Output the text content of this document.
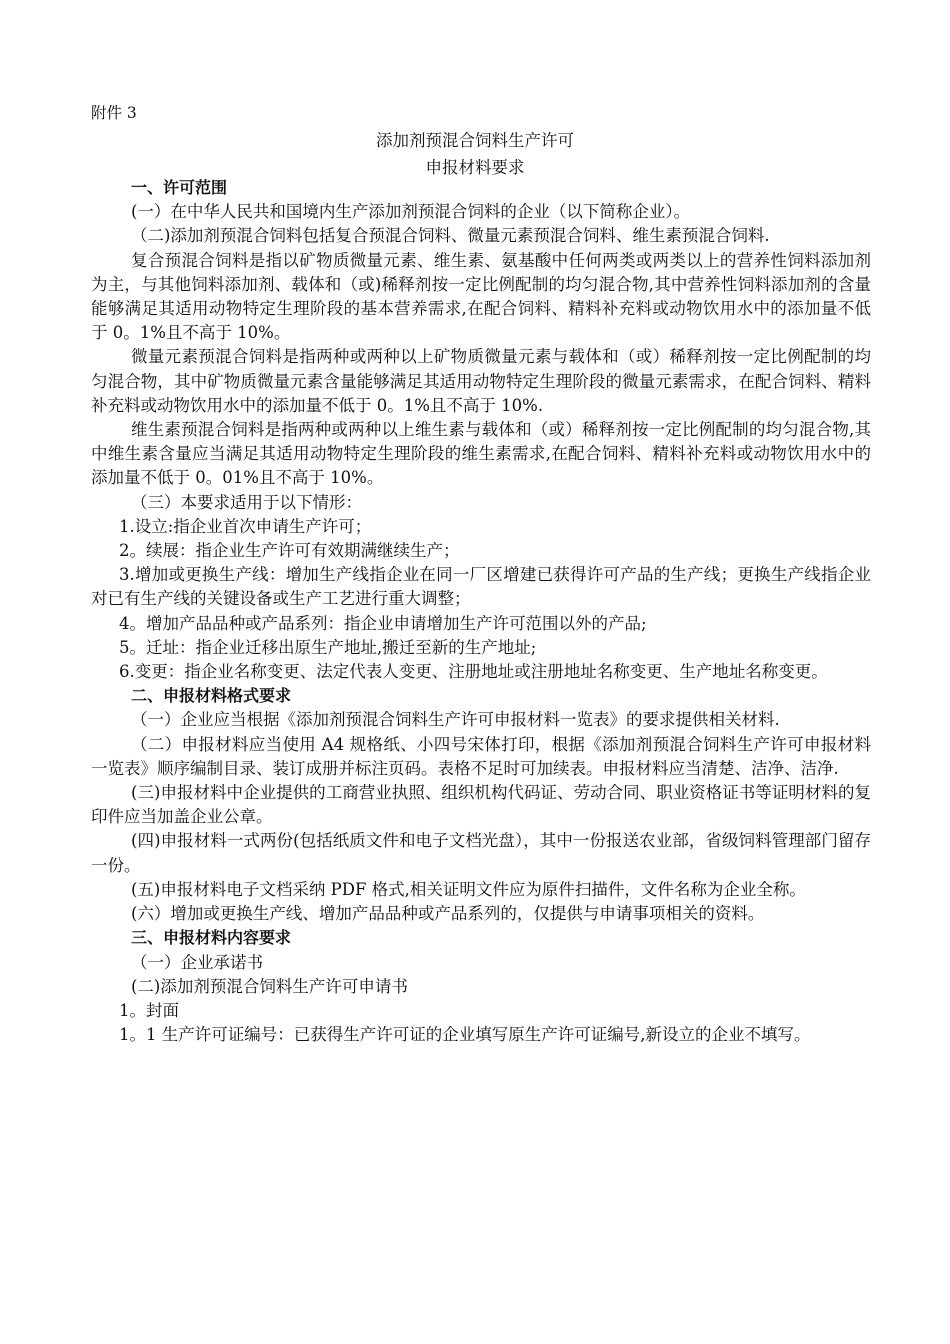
附件 3
添加剂预混合饲料生产许可
申报材料要求
一、许可范围

(一）在中华人民共和国境内生产添加剂预混合饲料的企业（以下简称企业）。

（二)添加剂预混合饲料包括复合预混合饲料、微量元素预混合饲料、维生素预混合饲料.

复合预混合饲料是指以矿物质微量元素、维生素、氨基酸中任何两类或两类以上的营养性饲料添加剂为主，与其他饲料添加剂、载体和（或)稀释剂按一定比例配制的均匀混合物,其中营养性饲料添加剂的含量能够满足其适用动物特定生理阶段的基本营养需求,在配合饲料、精料补充料或动物饮用水中的添加量不低于 0。1%且不高于 10%。

微量元素预混合饲料是指两种或两种以上矿物质微量元素与载体和（或）稀释剂按一定比例配制的均匀混合物，其中矿物质微量元素含量能够满足其适用动物特定生理阶段的微量元素需求，在配合饲料、精料补充料或动物饮用水中的添加量不低于 0。1%且不高于 10%.

维生素预混合饲料是指两种或两种以上维生素与载体和（或）稀释剂按一定比例配制的均匀混合物,其中维生素含量应当满足其适用动物特定生理阶段的维生素需求,在配合饲料、精料补充料或动物饮用水中的添加量不低于 0。01%且不高于 10%。

（三）本要求适用于以下情形：

1.设立:指企业首次申请生产许可；

2。续展：指企业生产许可有效期满继续生产；

3.增加或更换生产线：增加生产线指企业在同一厂区增建已获得许可产品的生产线；更换生产线指企业对已有生产线的关键设备或生产工艺进行重大调整；

4。增加产品品种或产品系列：指企业申请增加生产许可范围以外的产品;

5。迁址：指企业迁移出原生产地址,搬迁至新的生产地址;

6.变更：指企业名称变更、法定代表人变更、注册地址或注册地址名称变更、生产地址名称变更。

二、申报材料格式要求

（一）企业应当根据《添加剂预混合饲料生产许可申报材料一览表》的要求提供相关材料.

（二）申报材料应当使用 A4 规格纸、小四号宋体打印，根据《添加剂预混合饲料生产许可申报材料一览表》顺序编制目录、装订成册并标注页码。表格不足时可加续表。申报材料应当清楚、洁净、洁净.

(三)申报材料中企业提供的工商营业执照、组织机构代码证、劳动合同、职业资格证书等证明材料的复印件应当加盖企业公章。

(四)申报材料一式两份(包括纸质文件和电子文档光盘），其中一份报送农业部，省级饲料管理部门留存一份。

(五)申报材料电子文档采纳 PDF 格式,相关证明文件应为原件扫描件，文件名称为企业全称。

(六）增加或更换生产线、增加产品品种或产品系列的，仅提供与申请事项相关的资料。

三、申报材料内容要求

（一）企业承诺书

(二)添加剂预混合饲料生产许可申请书

1。封面

1。1 生产许可证编号：已获得生产许可证的企业填写原生产许可证编号,新设立的企业不填写。
